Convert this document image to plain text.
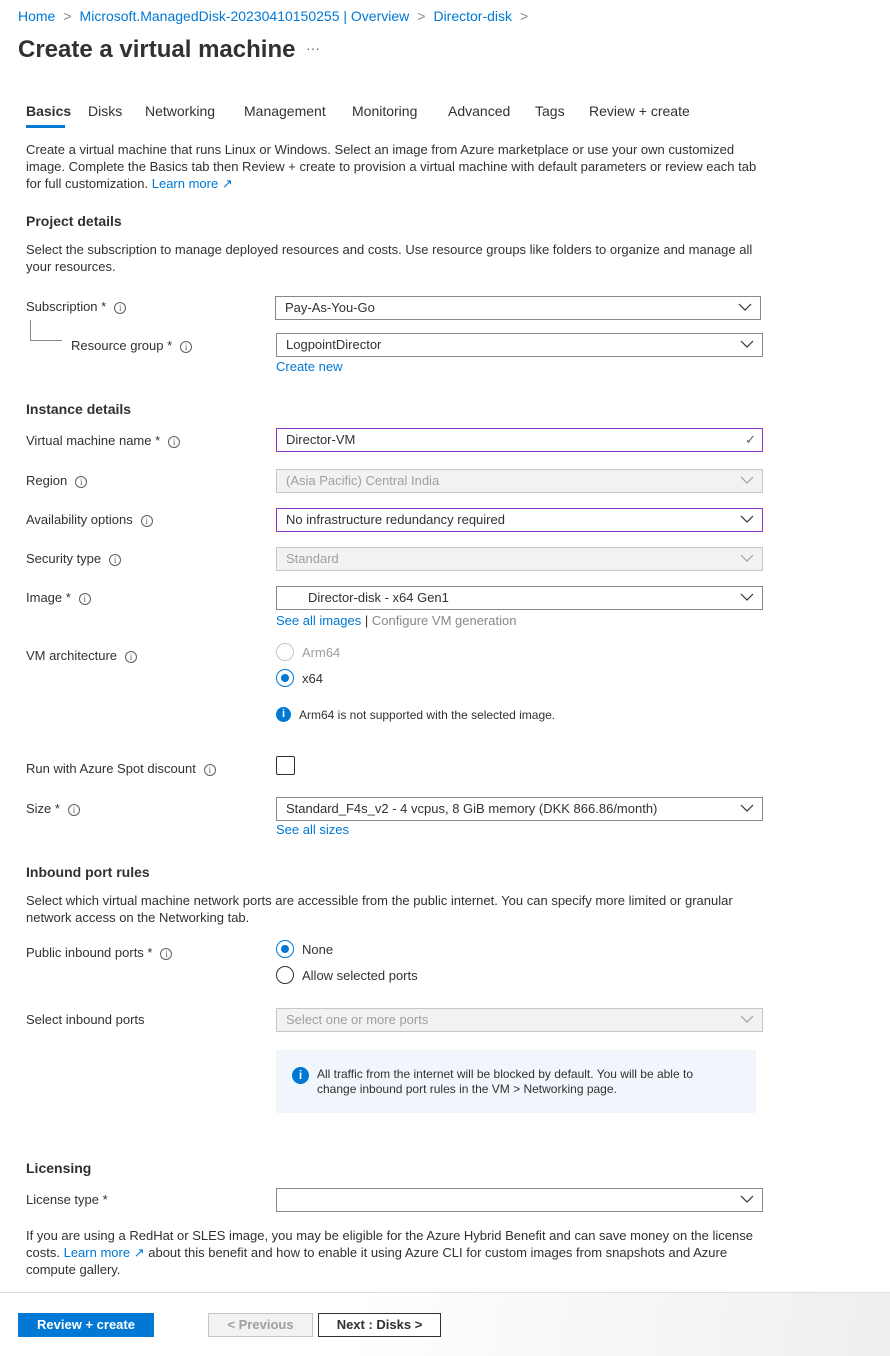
Home > Microsoft.ManagedDisk-20230410150255 | Overview > Director-disk >
Create a virtual machine ···
Basics Disks Networking Management Monitoring Advanced Tags Review + create
Create a virtual machine that runs Linux or Windows. Select an image from Azure marketplace or use your own customized image. Complete the Basics tab then Review + create to provision a virtual machine with default parameters or review each tab for full customization. Learn more ↗
Project details
Select the subscription to manage deployed resources and costs. Use resource groups like folders to organize and manage all your resources.
Subscription * i	Pay-As-You-Go
Resource group * i	LogpointDirector
Create new
Instance details
Virtual machine name * i	Director-VM	✓
Region i	(Asia Pacific) Central India
Availability options i	No infrastructure redundancy required
Security type i	Standard
Image * i	Director-disk - x64 Gen1
See all images | Configure VM generation
VM architecture i	Arm64
x64
i Arm64 is not supported with the selected image.
Run with Azure Spot discount i
Size * i	Standard_F4s_v2 - 4 vcpus, 8 GiB memory (DKK 866.86/month)
See all sizes
Inbound port rules
Select which virtual machine network ports are accessible from the public internet. You can specify more limited or granular network access on the Networking tab.
Public inbound ports * i	None
Allow selected ports
Select inbound ports	Select one or more ports
i	All traffic from the internet will be blocked by default. You will be able to change inbound port rules in the VM > Networking page.
Licensing
License type *
If you are using a RedHat or SLES image, you may be eligible for the Azure Hybrid Benefit and can save money on the license costs. Learn more ↗ about this benefit and how to enable it using Azure CLI for custom images from snapshots and Azure compute gallery.
Review + create	< Previous	Next : Disks >
